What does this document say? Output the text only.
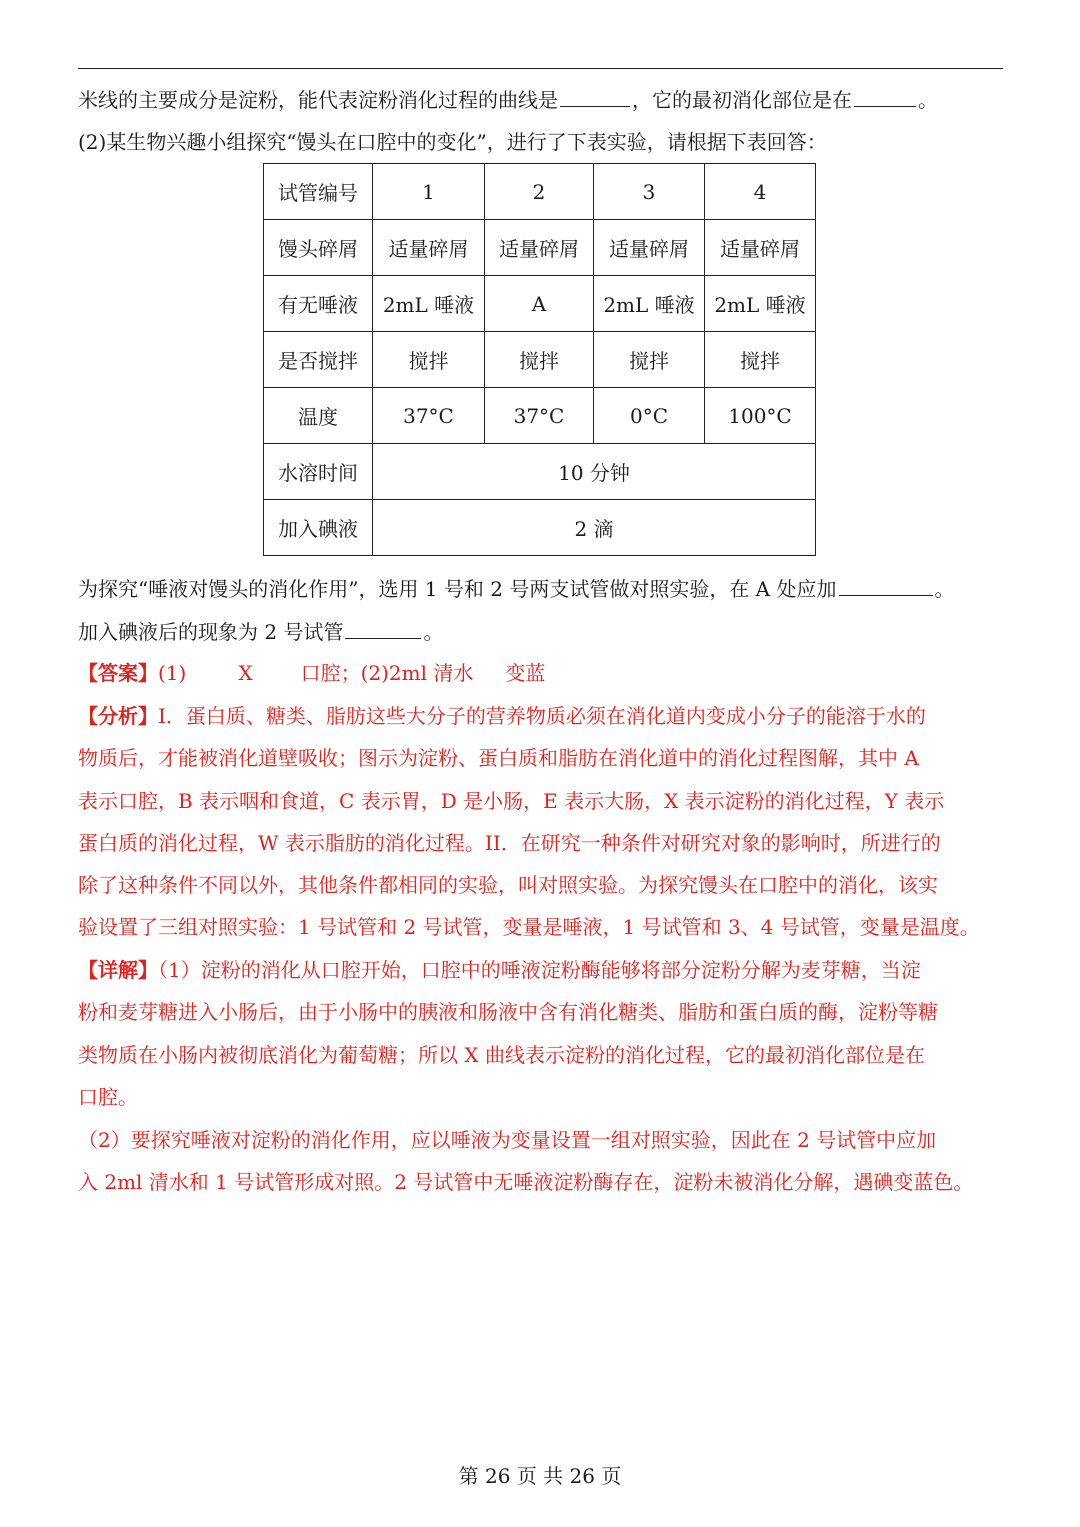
米线的主要成分是淀粉，能代表淀粉消化过程的曲线是	，它的最初消化部位是在	。
(2)某生物兴趣小组探究“馒头在口腔中的变化”，进行了下表实验，请根据下表回答：
试管编号	1	2	3	4
馒头碎屑	适量碎屑	适量碎屑	适量碎屑	适量碎屑
有无唾液	2mL 唾液	A	2mL 唾液	2mL 唾液
是否搅拌	搅拌	搅拌	搅拌	搅拌
温度	37°C	37°C	0°C	100°C
水溶时间	10 分钟			
加入碘液	2 滴			
为探究“唾液对馒头的消化作用”，选用 1 号和 2 号两支试管做对照实验，在 A 处应加	。
加入碘液后的现象为 2 号试管	。
【答案】(1)	X 口腔；(2)2ml 清水 变蓝
【分析】I．蛋白质、糖类、脂肪这些大分子的营养物质必须在消化道内变成小分子的能溶于水的
物质后，才能被消化道壁吸收；图示为淀粉、蛋白质和脂肪在消化道中的消化过程图解，其中 A
表示口腔，B 表示咽和食道，C 表示胃，D 是小肠，E 表示大肠，X 表示淀粉的消化过程，Y 表示
蛋白质的消化过程，W 表示脂肪的消化过程。II．在研究一种条件对研究对象的影响时，所进行的
除了这种条件不同以外，其他条件都相同的实验，叫对照实验。为探究馒头在口腔中的消化，该实
验设置了三组对照实验：1 号试管和 2 号试管，变量是唾液，1 号试管和 3、4 号试管，变量是温度。
【详解】（1）淀粉的消化从口腔开始，口腔中的唾液淀粉酶能够将部分淀粉分解为麦芽糖，当淀
粉和麦芽糖进入小肠后，由于小肠中的胰液和肠液中含有消化糖类、脂肪和蛋白质的酶，淀粉等糖
类物质在小肠内被彻底消化为葡萄糖；所以 X 曲线表示淀粉的消化过程，它的最初消化部位是在
口腔。
（2）要探究唾液对淀粉的消化作用，应以唾液为变量设置一组对照实验，因此在 2 号试管中应加
入 2ml 清水和 1 号试管形成对照。2 号试管中无唾液淀粉酶存在，淀粉未被消化分解，遇碘变蓝色。
第 26 页 共 26 页
